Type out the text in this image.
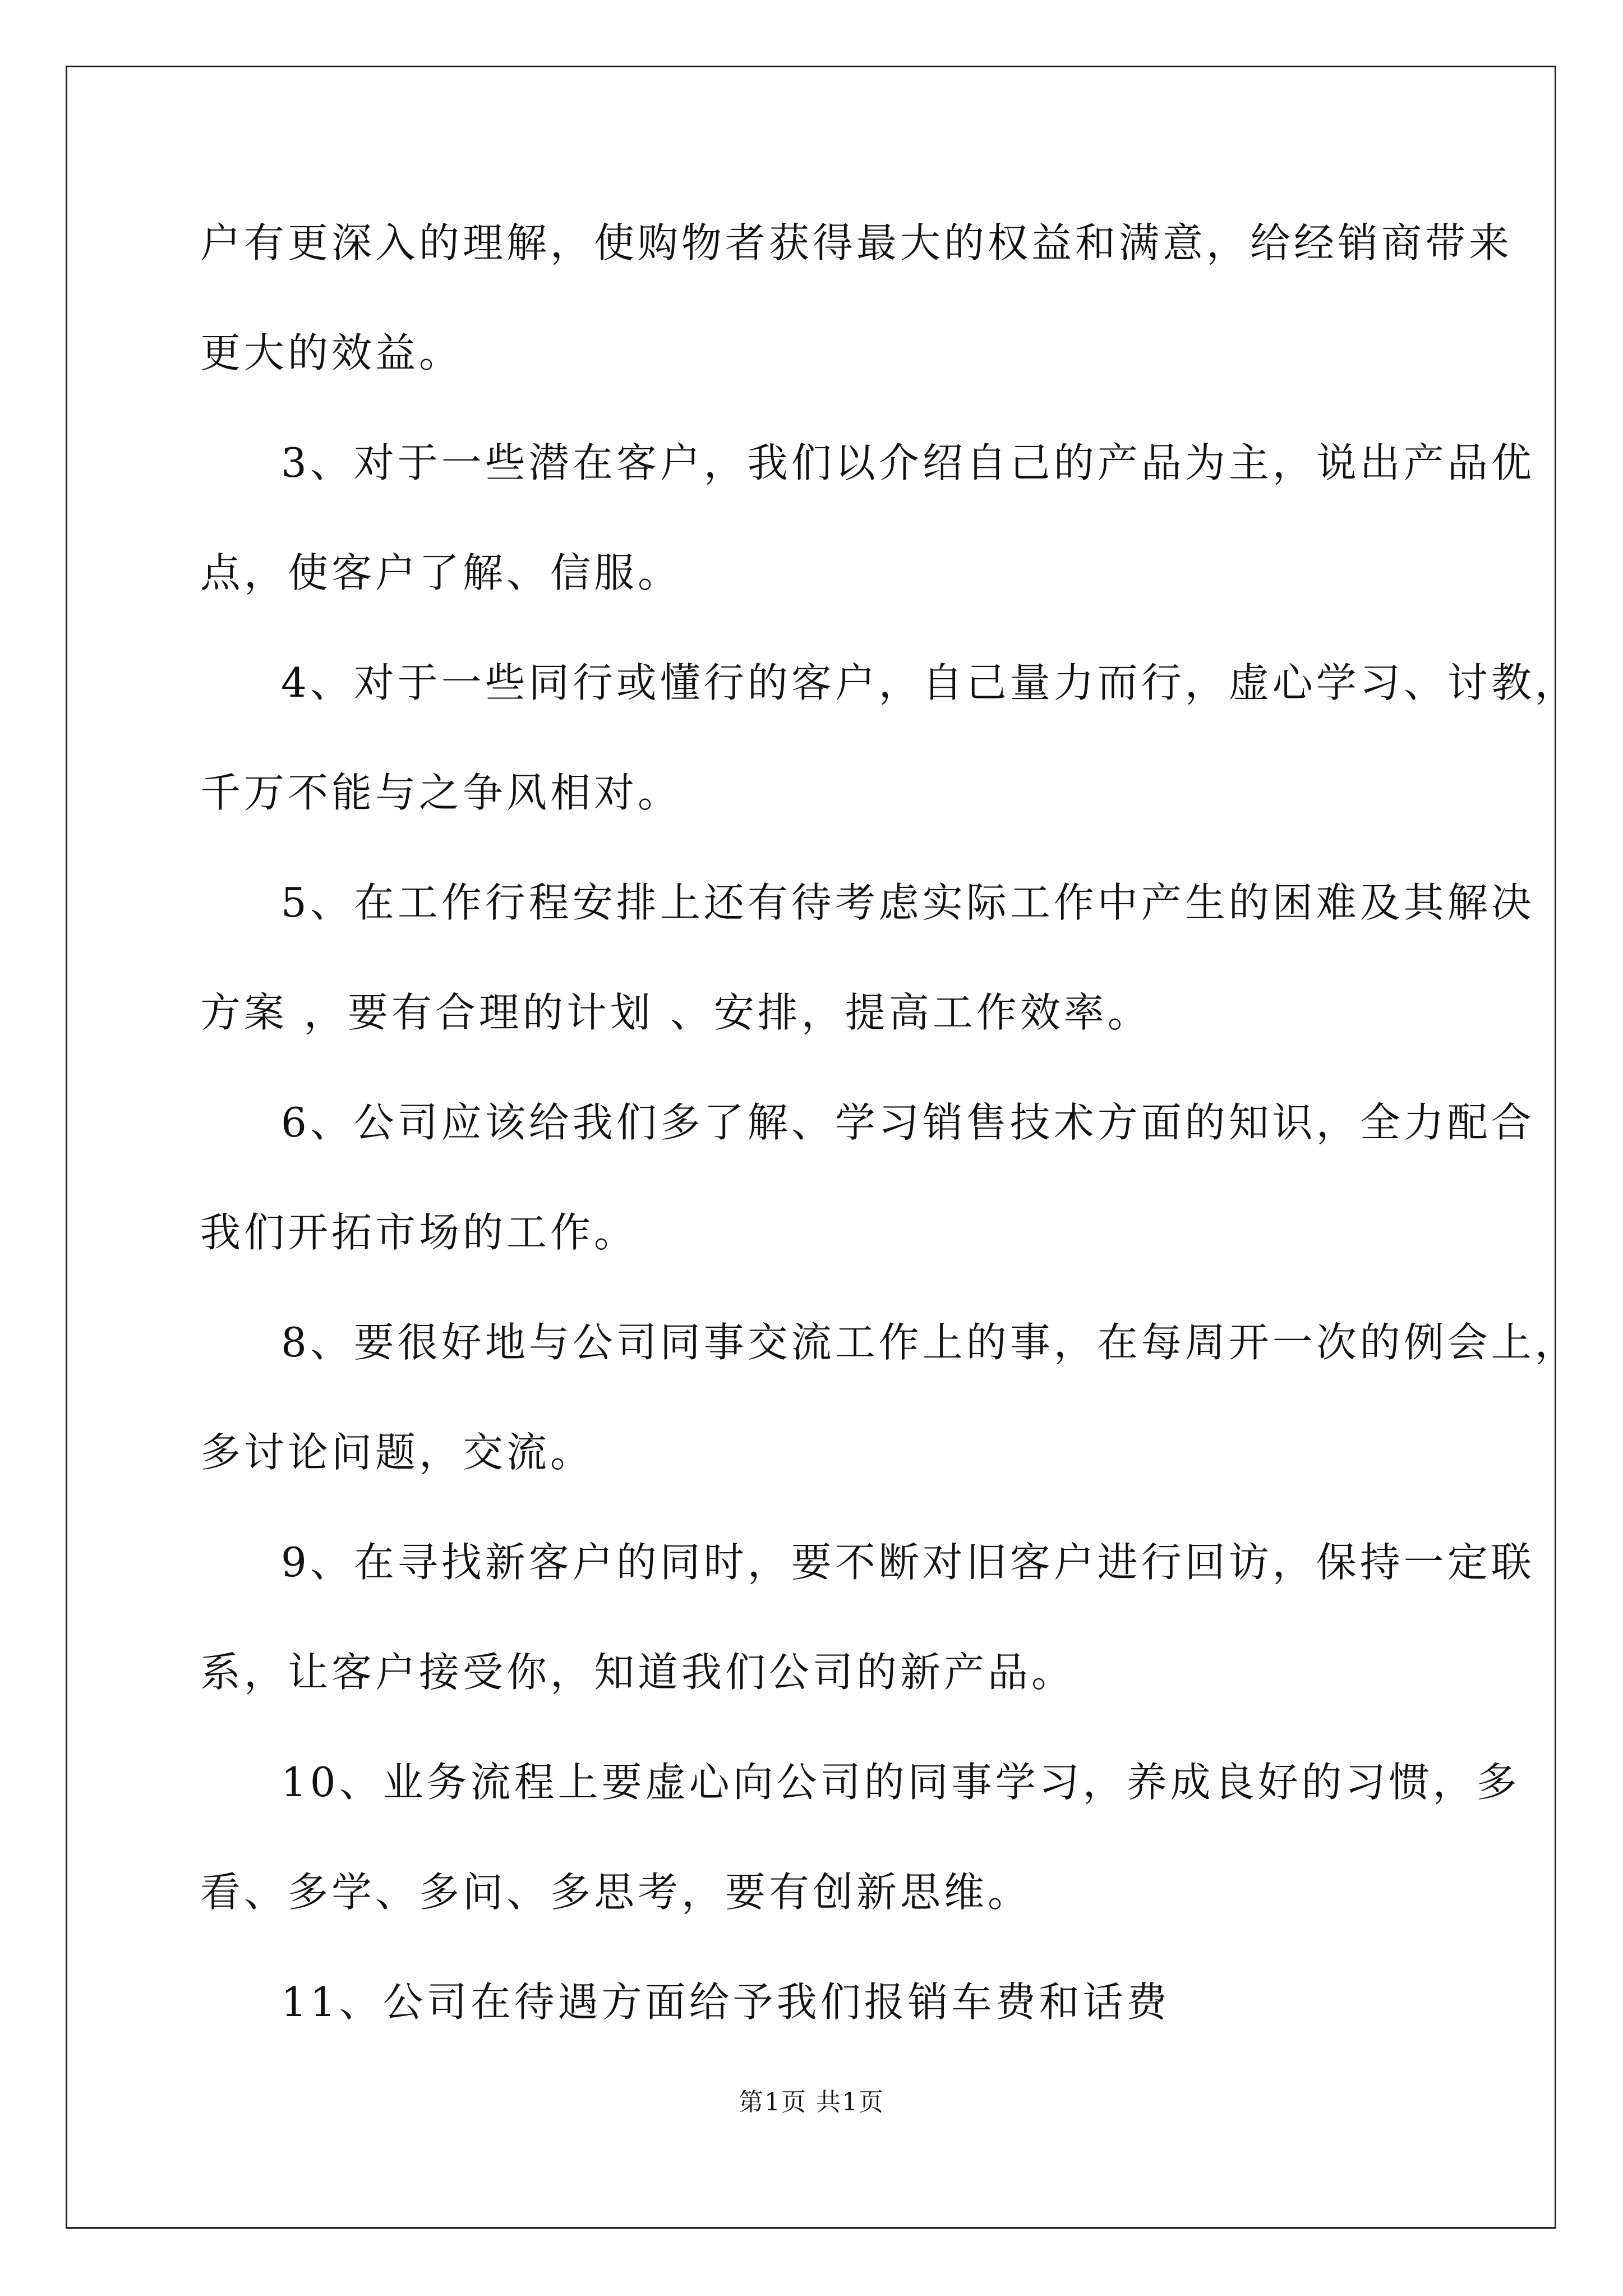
户有更深入的理解，使购物者获得最大的权益和满意，给经销商带来
更大的效益。
3、对于一些潜在客户，我们以介绍自己的产品为主，说出产品优
点，使客户了解、信服。
4、对于一些同行或懂行的客户，自己量力而行，虚心学习、讨教，
千万不能与之争风相对。
5、在工作行程安排上还有待考虑实际工作中产生的困难及其解决
方案 ，要有合理的计划 、安排，提高工作效率。
6、公司应该给我们多了解、学习销售技术方面的知识，全力配合
我们开拓市场的工作。
8、要很好地与公司同事交流工作上的事，在每周开一次的例会上，
多讨论问题，交流。
9、在寻找新客户的同时，要不断对旧客户进行回访，保持一定联
系，让客户接受你，知道我们公司的新产品。
10、业务流程上要虚心向公司的同事学习，养成良好的习惯，多
看、多学、多问、多思考，要有创新思维。
11、公司在待遇方面给予我们报销车费和话费
第1页 共1页
